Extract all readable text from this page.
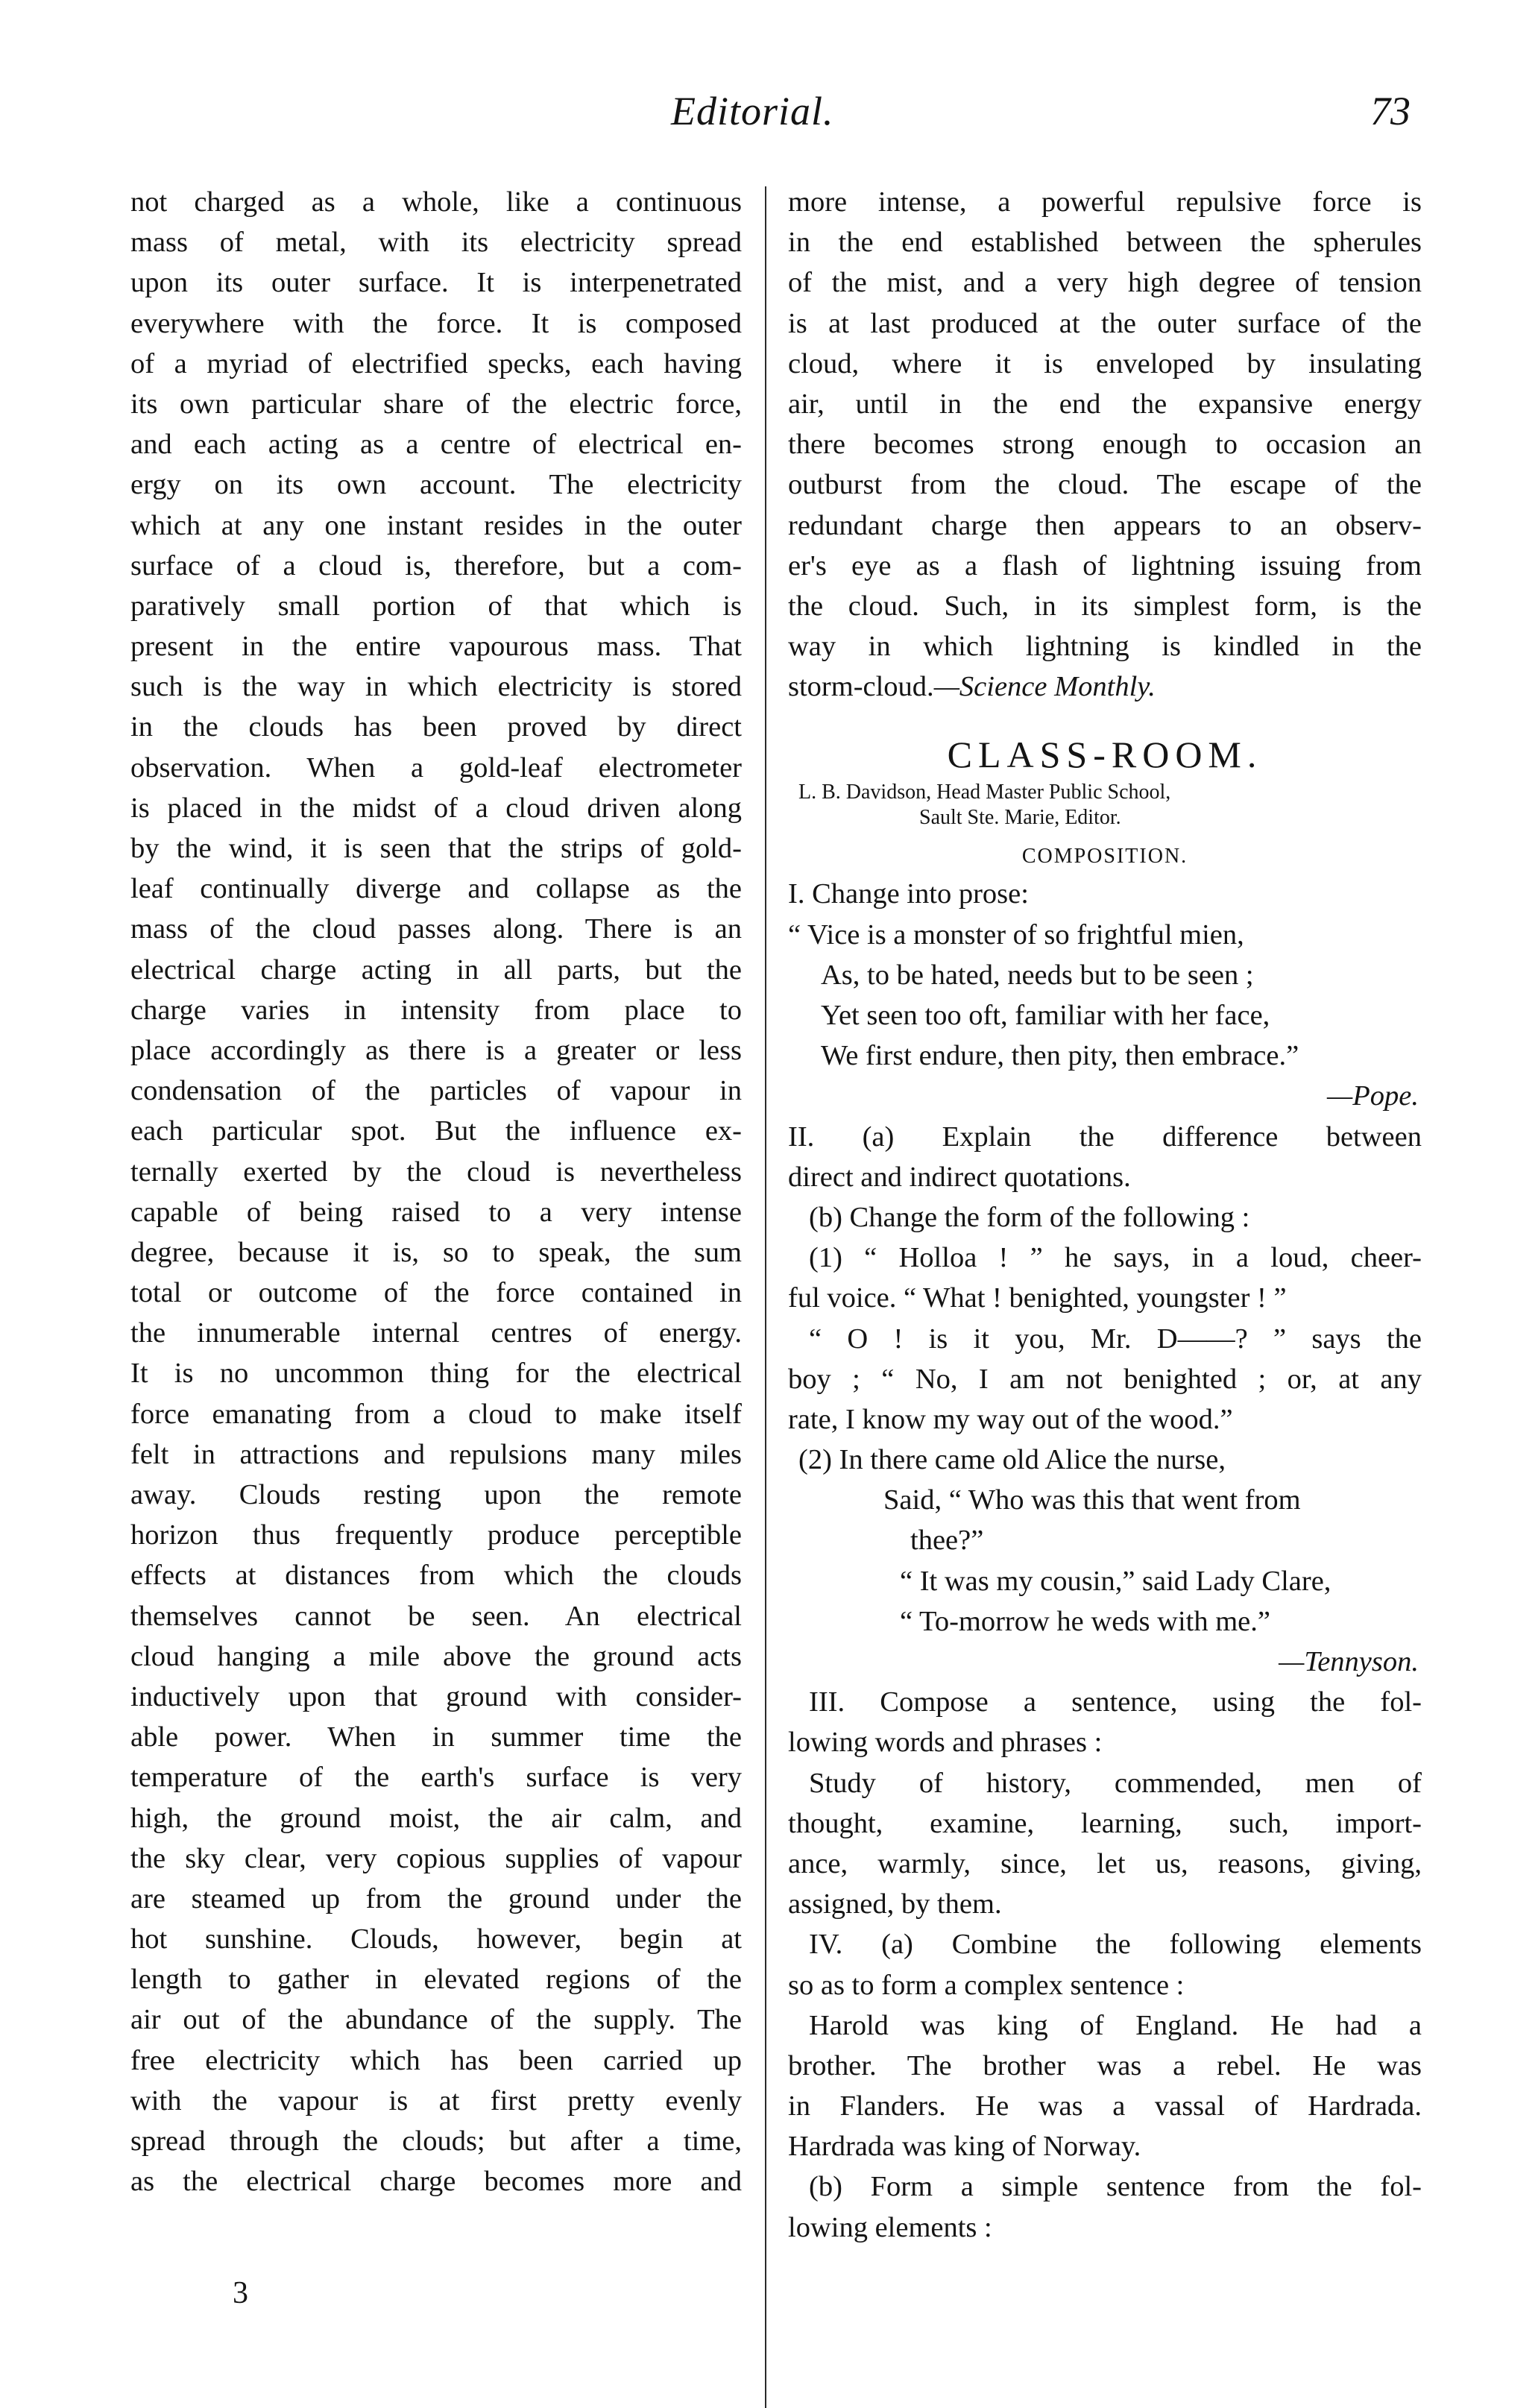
Editorial.	73
not charged as a whole, like a continuous
mass of metal, with its electricity spread
upon its outer surface. It is interpenetrated
everywhere with the force. It is composed
of a myriad of electrified specks, each having
its own particular share of the electric force,
and each acting as a centre of electrical en-
ergy on its own account. The electricity
which at any one instant resides in the outer
surface of a cloud is, therefore, but a com-
paratively small portion of that which is
present in the entire vapourous mass. That
such is the way in which electricity is stored
in the clouds has been proved by direct
observation. When a gold-leaf electrometer
is placed in the midst of a cloud driven along
by the wind, it is seen that the strips of gold-
leaf continually diverge and collapse as the
mass of the cloud passes along. There is an
electrical charge acting in all parts, but the
charge varies in intensity from place to
place accordingly as there is a greater or less
condensation of the particles of vapour in
each particular spot. But the influence ex-
ternally exerted by the cloud is nevertheless
capable of being raised to a very intense
degree, because it is, so to speak, the sum
total or outcome of the force contained in
the innumerable internal centres of energy.
It is no uncommon thing for the electrical
force emanating from a cloud to make itself
felt in attractions and repulsions many miles
away. Clouds resting upon the remote
horizon thus frequently produce perceptible
effects at distances from which the clouds
themselves cannot be seen. An electrical
cloud hanging a mile above the ground acts
inductively upon that ground with consider-
able power. When in summer time the
temperature of the earth's surface is very
high, the ground moist, the air calm, and
the sky clear, very copious supplies of vapour
are steamed up from the ground under the
hot sunshine. Clouds, however, begin at
length to gather in elevated regions of the
air out of the abundance of the supply. The
free electricity which has been carried up
with the vapour is at first pretty evenly
spread through the clouds; but after a time,
as the electrical charge becomes more and
more intense, a powerful repulsive force is
in the end established between the spherules
of the mist, and a very high degree of tension
is at last produced at the outer surface of the
cloud, where it is enveloped by insulating
air, until in the end the expansive energy
there becomes strong enough to occasion an
outburst from the cloud. The escape of the
redundant charge then appears to an observ-
er's eye as a flash of lightning issuing from
the cloud. Such, in its simplest form, is the
way in which lightning is kindled in the
storm-cloud.—Science Monthly.
CLASS-ROOM.
L. B. Davidson, Head Master Public School,
Sault Ste. Marie, Editor.
COMPOSITION.
I. Change into prose:
“ Vice is a monster of so frightful mien,
As, to be hated, needs but to be seen ;
Yet seen too oft, familiar with her face,
We first endure, then pity, then embrace.”
—Pope.
II. (a) Explain the difference between
direct and indirect quotations.
(b) Change the form of the following :
(1) “ Holloa ! ” he says, in a loud, cheer-
ful voice. “ What ! benighted, youngster ! ”
“ O ! is it you, Mr. D——? ” says the
boy ; “ No, I am not benighted ; or, at any
rate, I know my way out of the wood.”
(2) In there came old Alice the nurse,
Said, “ Who was this that went from
thee?”
“ It was my cousin,” said Lady Clare,
“ To-morrow he weds with me.”
—Tennyson.
III. Compose a sentence, using the fol-
lowing words and phrases :
Study of history, commended, men of
thought, examine, learning, such, import-
ance, warmly, since, let us, reasons, giving,
assigned, by them.
IV. (a) Combine the following elements
so as to form a complex sentence :
Harold was king of England. He had a
brother. The brother was a rebel. He was
in Flanders. He was a vassal of Hardrada.
Hardrada was king of Norway.
(b) Form a simple sentence from the fol-
lowing elements :
3
